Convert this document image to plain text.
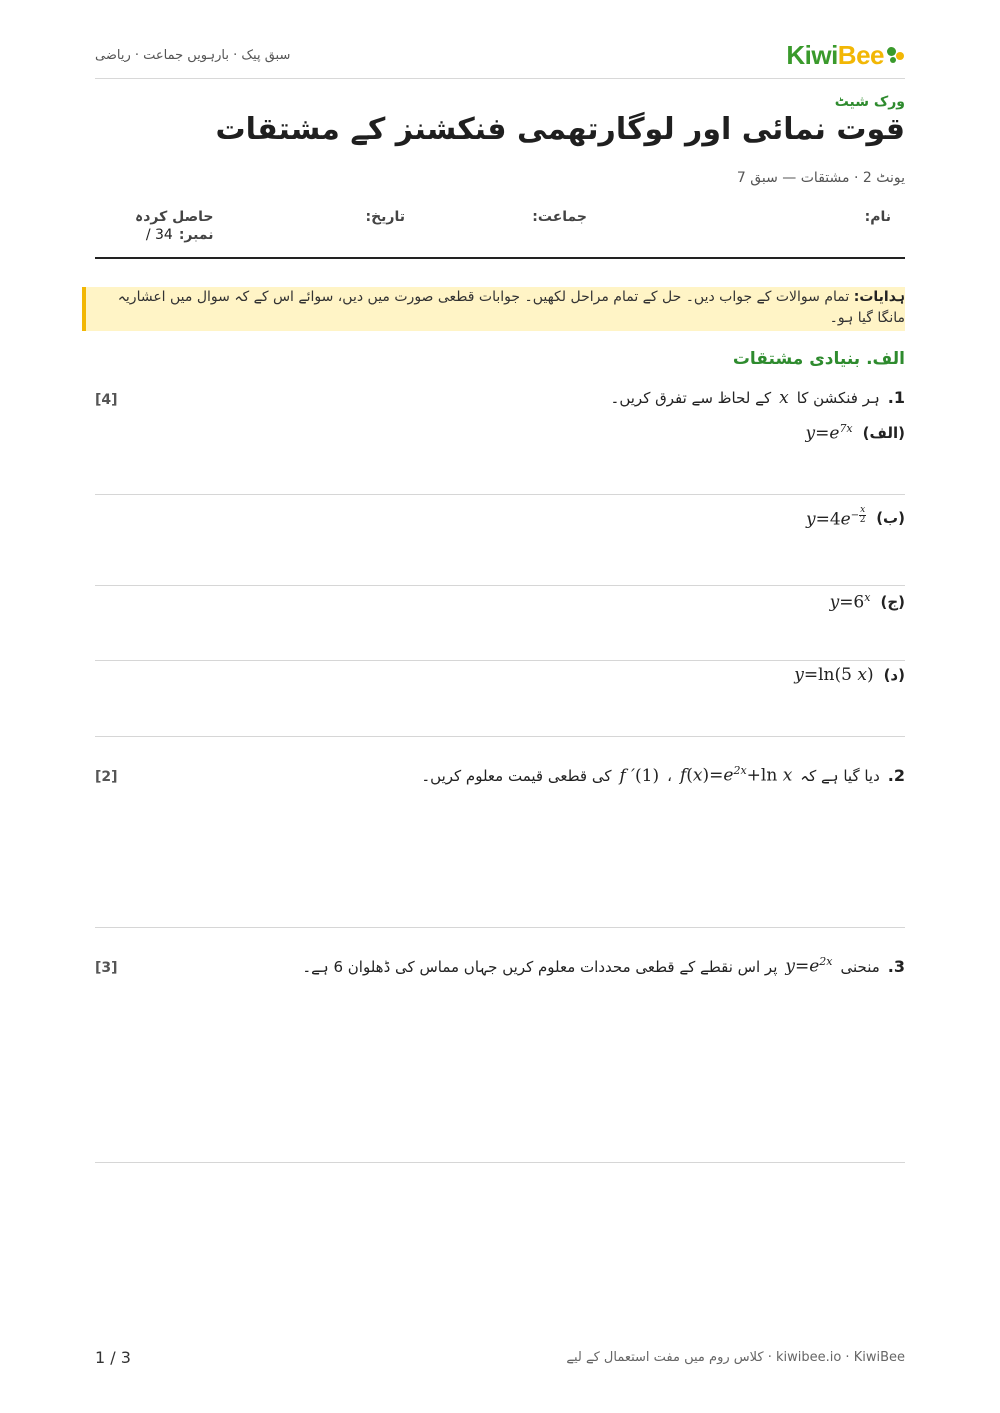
سبق پیک · بارہویں جماعت · ریاضی	KiwiBee
ورک شیٹ
قوت نمائی اور لوگارتھمی فنکشنز کے مشتقات
یونٹ 2 · مشتقات — سبق 7
نام:
جماعت:
تاریخ:
حاصل کردہ
نمبر:
/ 34
ہدایات: تمام سوالات کے جواب دیں۔ حل کے تمام مراحل لکھیں۔ جوابات قطعی صورت میں دیں، سوائے اس کے کہ سوال میں اعشاریہ مانگا گیا ہو۔
الف. بنیادی مشتقات
1.
ہر فنکشن کا
x
کے لحاظ سے تفرق کریں۔
[4]
(الف)
$y=e^{7x}$
(ب)
$y=4e^{- \frac{x}{2}}$
(ج)
$y=6^x$
(د)
y=ln(5 x)
2.
دیا گیا ہے کہ
$f(x)=e^{2x}+\ln$ x
،
f ′(1)
کی قطعی قیمت معلوم کریں۔
[2]
3.
منحنی
$y=e^{2x}$
پر اس نقطے کے قطعی محددات معلوم کریں جہاں مماس کی ڈھلوان 6 ہے۔
[3]
1 / 3	kiwibee.io · KiwiBee · کلاس روم میں مفت استعمال کے لیے
